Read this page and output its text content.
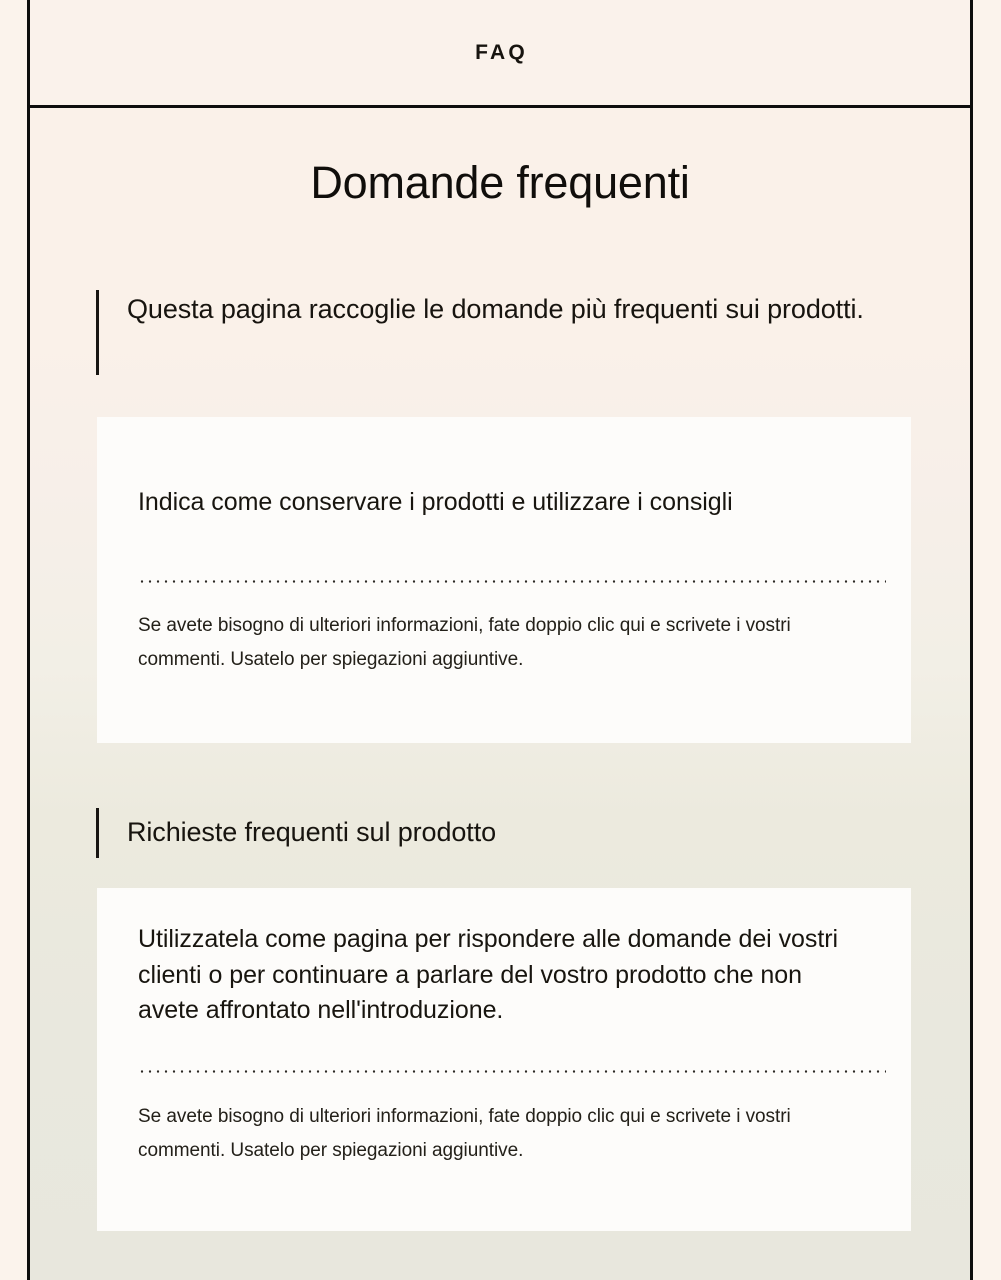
FAQ
Domande frequenti
Questa pagina raccoglie le domande più frequenti sui prodotti.
Indica come conservare i prodotti e utilizzare i consigli
Se avete bisogno di ulteriori informazioni, fate doppio clic qui e scrivete i vostri commenti. Usatelo per spiegazioni aggiuntive.
Richieste frequenti sul prodotto
Utilizzatela come pagina per rispondere alle domande dei vostri clienti o per continuare a parlare del vostro prodotto che non avete affrontato nell'introduzione.
Se avete bisogno di ulteriori informazioni, fate doppio clic qui e scrivete i vostri commenti. Usatelo per spiegazioni aggiuntive.
